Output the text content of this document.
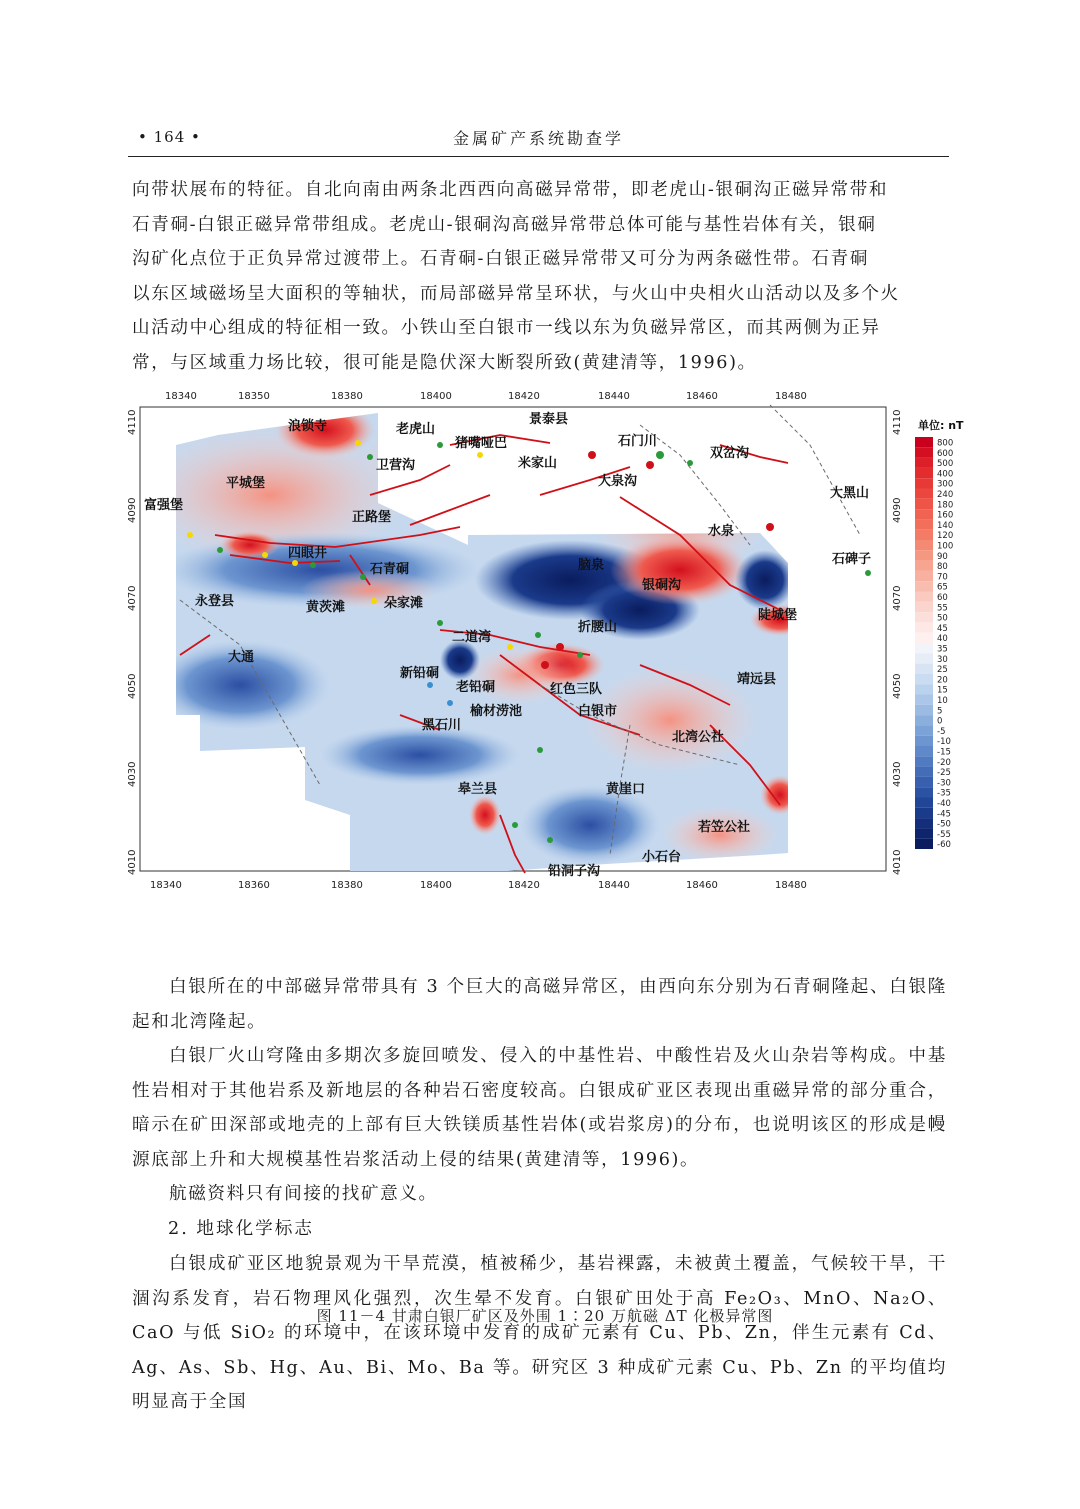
• 164 •	金属矿产系统勘查学

向带状展布的特征。自北向南由两条北西西向高磁异常带，即老虎山-银硐沟正磁异常带和

石青硐-白银正磁异常带组成。老虎山-银硐沟高磁异常带总体可能与基性岩体有关，银硐

沟矿化点位于正负异常过渡带上。石青硐-白银正磁异常带又可分为两条磁性带。石青硐

以东区域磁场呈大面积的等轴状，而局部磁异常呈环状，与火山中央相火山活动以及多个火

山活动中心组成的特征相一致。小铁山至白银市一线以东为负磁异常区，而其两侧为正异

常，与区域重力场比较，很可能是隐伏深大断裂所致(黄建清等，1996)。

18340	18350	18380	18400	18420	18440	18460	18480
18340	18360	18380	18400	18420	18440	18460	18480
4110
4090
4070
4050
4030
4010
4110
4090
4070
4050
4030
4010
浪锁寺	老虎山
猪嘴哑巴
景泰县
卫营沟	米家山
石门川
双岔沟
大泉沟
平城堡
大黑山
富强堡
正路堡
水泉
四眼井
脑泉	石碑子
石青硐
银硐沟
永登县	黄茨滩	朵家滩
陡城堡
折腰山
二道湾
大通
新铅硐	靖远县
老铅硐	红色三队
白银市
黑石川
榆材涝池
北湾公社
皋兰县	黄崖口
若笠公社
小石台
铅洞子沟
单位: nT
800
600
500
400
300
240
180
160
140
120
100
90
80
70
65
60
55
50
45
40
35
30
25
20
15
10
5
0
-5
-10
-15
-20
-25
-30
-35
-40
-45
-50
-55
-60
图 11－4 甘肃白银厂矿区及外围 1∶20 万航磁 ΔT 化极异常图

白银所在的中部磁异常带具有 3 个巨大的高磁异常区，由西向东分别为石青硐隆起、白银隆起和北湾隆起。

白银厂火山穹隆由多期次多旋回喷发、侵入的中基性岩、中酸性岩及火山杂岩等构成。中基性岩相对于其他岩系及新地层的各种岩石密度较高。白银成矿亚区表现出重磁异常的部分重合，暗示在矿田深部或地壳的上部有巨大铁镁质基性岩体(或岩浆房)的分布，也说明该区的形成是幔源底部上升和大规模基性岩浆活动上侵的结果(黄建清等，1996)。

航磁资料只有间接的找矿意义。

2. 地球化学标志

白银成矿亚区地貌景观为干旱荒漠，植被稀少，基岩裸露，未被黄土覆盖，气候较干旱，干涸沟系发育，岩石物理风化强烈，次生晕不发育。白银矿田处于高 Fe₂O₃、MnO、Na₂O、CaO 与低 SiO₂ 的环境中，在该环境中发育的成矿元素有 Cu、Pb、Zn，伴生元素有 Cd、Ag、As、Sb、Hg、Au、Bi、Mo、Ba 等。研究区 3 种成矿元素 Cu、Pb、Zn 的平均值均明显高于全国
